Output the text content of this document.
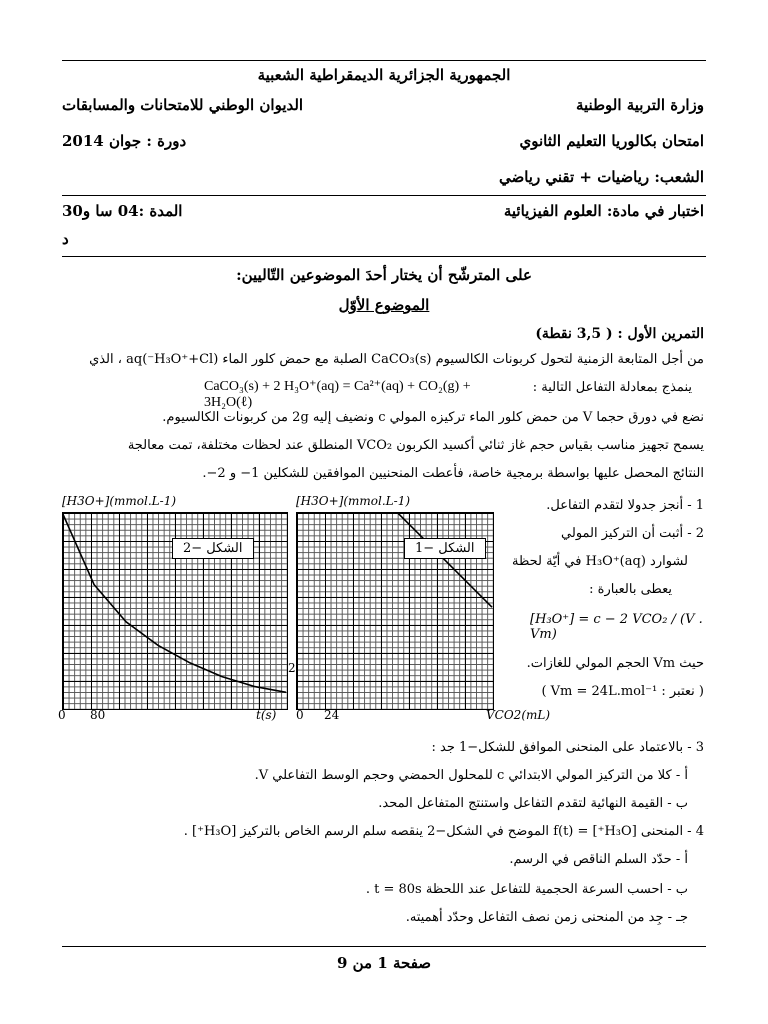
الجمهورية الجزائرية الديمقراطية الشعبية
وزارة التربية الوطنية
الديوان الوطني للامتحانات والمسابقات
امتحان بكالوريا التعليم الثانوي
دورة : جوان 2014
الشعب: رياضيات + تقني رياضي
اختبار في مادة: العلوم الفيزيائية
المدة :04 سا و30
د
على المترشّح أن يختار أحدَ الموضوعين التّاليين:
الموضوع الأوّل
التمرين الأول : ( 3,5 نقطة)
من أجل المتابعة الزمنية لتحول كربونات الكالسيوم CaCO₃(s) الصلبة مع حمض كلور الماء (H₃O⁺+Cl⁻)aq ، الذي
ينمذج بمعادلة التفاعل التالية :
CaCO₃(s) + 2 H₃O⁺(aq) = Ca²⁺(aq) + CO₂(g) + 3H₂O(ℓ)
نضع في دورق حجما V من حمض كلور الماء تركيزه المولي c ونضيف إليه 2g من كربونات الكالسيوم.
يسمح تجهيز مناسب بقياس حجم غاز ثنائي أكسيد الكربون VCO₂ المنطلق عند لحظات مختلفة، تمت معالجة
النتائج المحصل عليها بواسطة برمجية خاصة، فأعطت المنحنيين الموافقين للشكلين 1− و 2−.
[H3O+](mmol.L-1)
الشكل −2
0 80	t(s)
[H3O+](mmol.L-1)
الشكل −1
2
0 24	VCO2(mL)
1 - أنجز جدولا لتقدم التفاعل.
2 - أثبت أن التركيز المولي
لشوارد H₃O⁺(aq) في أيّة لحظة
يعطى بالعبارة :
[H₃O⁺] = c − 2 VCO₂ / (V . Vm)
حيث Vm الحجم المولي للغازات.
( نعتبر : Vm = 24L.mol⁻¹ )
3 - بالاعتماد على المنحنى الموافق للشكل−1 جد :
أ - كلا من التركيز المولي الابتدائي c للمحلول الحمضي وحجم الوسط التفاعلي V.
ب - القيمة النهائية لتقدم التفاعل واستنتج المتفاعل المحد.
4 - المنحنى [H₃O⁺] = f(t) الموضح في الشكل−2 ينقصه سلم الرسم الخاص بالتركيز [H₃O⁺] .
أ - حدّد السلم الناقص في الرسم.
ب - احسب السرعة الحجمية للتفاعل عند اللحظة t = 80s .
جـ - جِد من المنحنى زمن نصف التفاعل وحدّد أهميته.
صفحة 1 من 9
